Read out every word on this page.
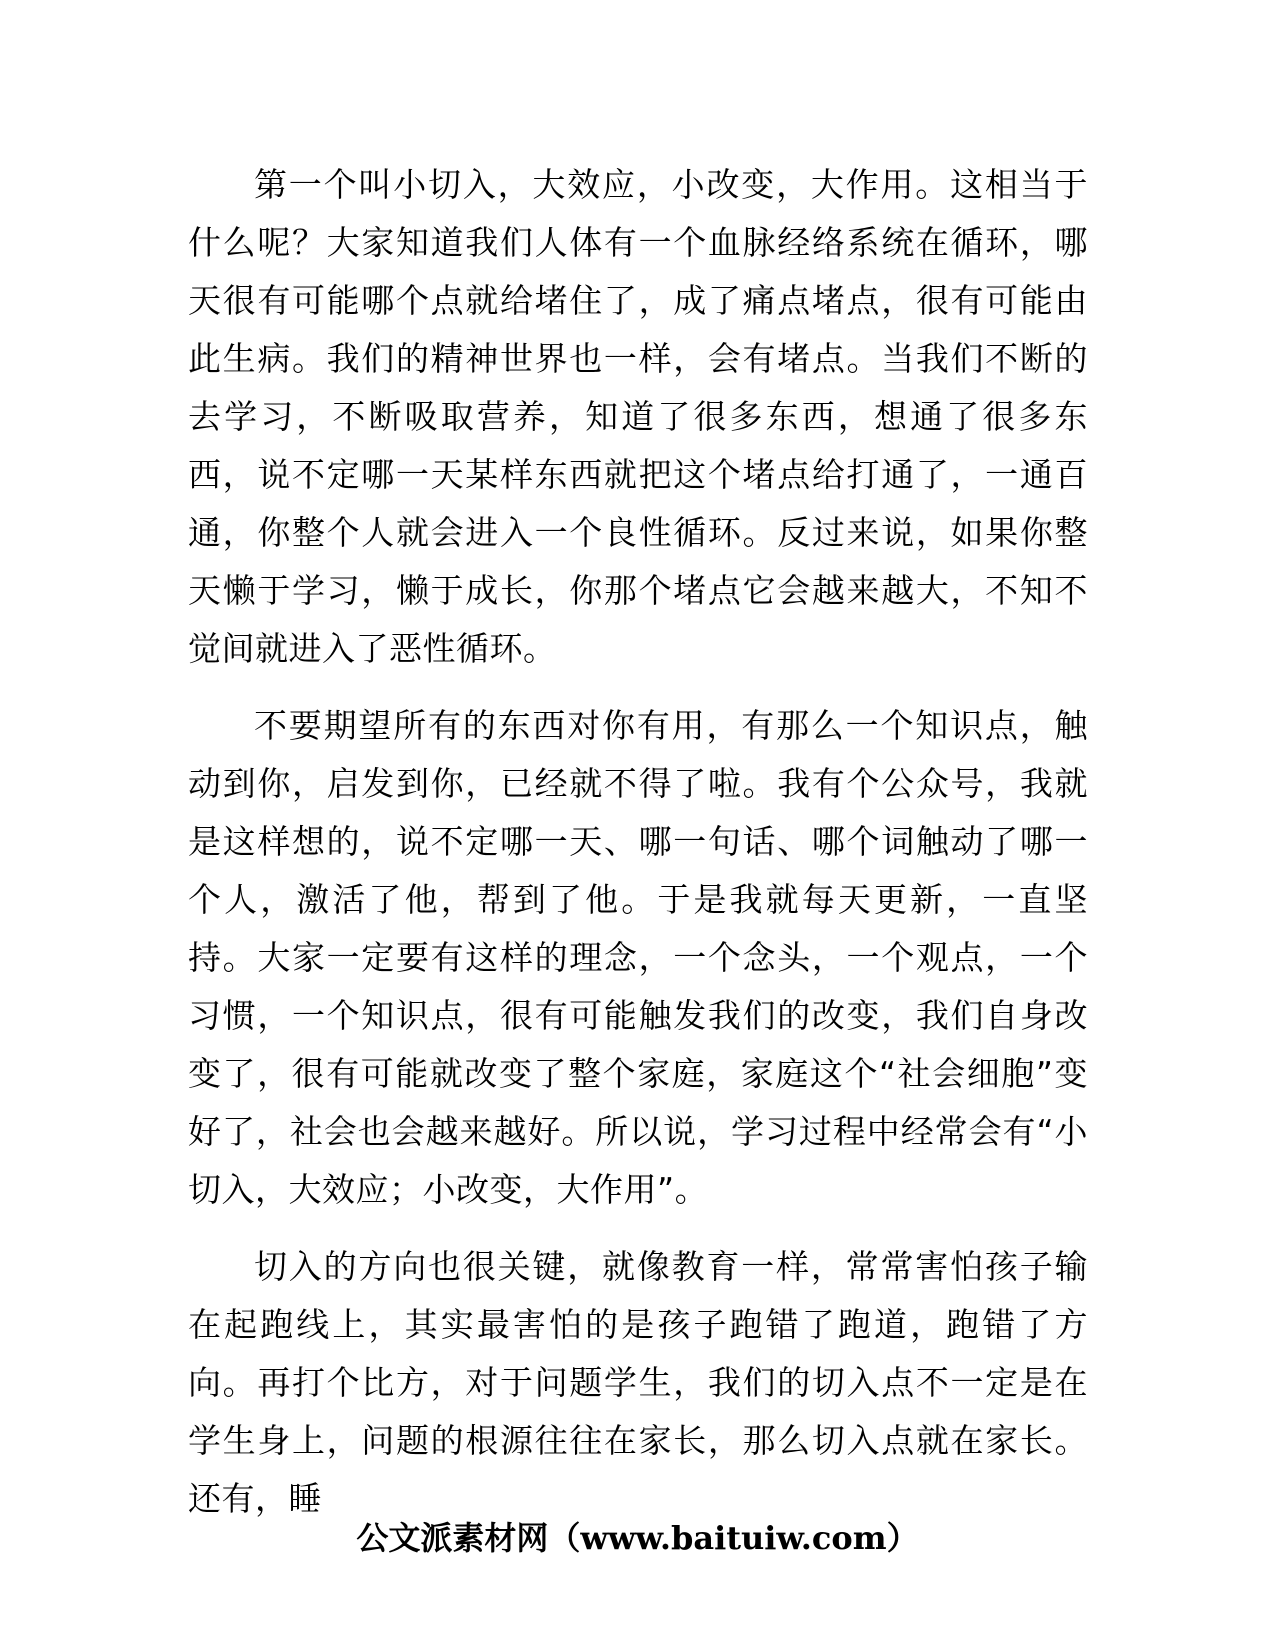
第一个叫小切入，大效应，小改变，大作用。这相当于什么呢？大家知道我们人体有一个血脉经络系统在循环，哪天很有可能哪个点就给堵住了，成了痛点堵点，很有可能由此生病。我们的精神世界也一样，会有堵点。当我们不断的去学习，不断吸取营养，知道了很多东西，想通了很多东西，说不定哪一天某样东西就把这个堵点给打通了，一通百通，你整个人就会进入一个良性循环。反过来说，如果你整天懒于学习，懒于成长，你那个堵点它会越来越大，不知不觉间就进入了恶性循环。

不要期望所有的东西对你有用，有那么一个知识点，触动到你，启发到你，已经就不得了啦。我有个公众号，我就是这样想的，说不定哪一天、哪一句话、哪个词触动了哪一个人，激活了他，帮到了他。于是我就每天更新，一直坚持。大家一定要有这样的理念，一个念头，一个观点，一个习惯，一个知识点，很有可能触发我们的改变，我们自身改变了，很有可能就改变了整个家庭，家庭这个“社会细胞”变好了，社会也会越来越好。所以说，学习过程中经常会有“小切入，大效应；小改变，大作用”。

切入的方向也很关键，就像教育一样，常常害怕孩子输在起跑线上，其实最害怕的是孩子跑错了跑道，跑错了方向。再打个比方，对于问题学生，我们的切入点不一定是在学生身上，问题的根源往往在家长，那么切入点就在家长。还有，睡

公文派素材网（www.baituiw.com）
